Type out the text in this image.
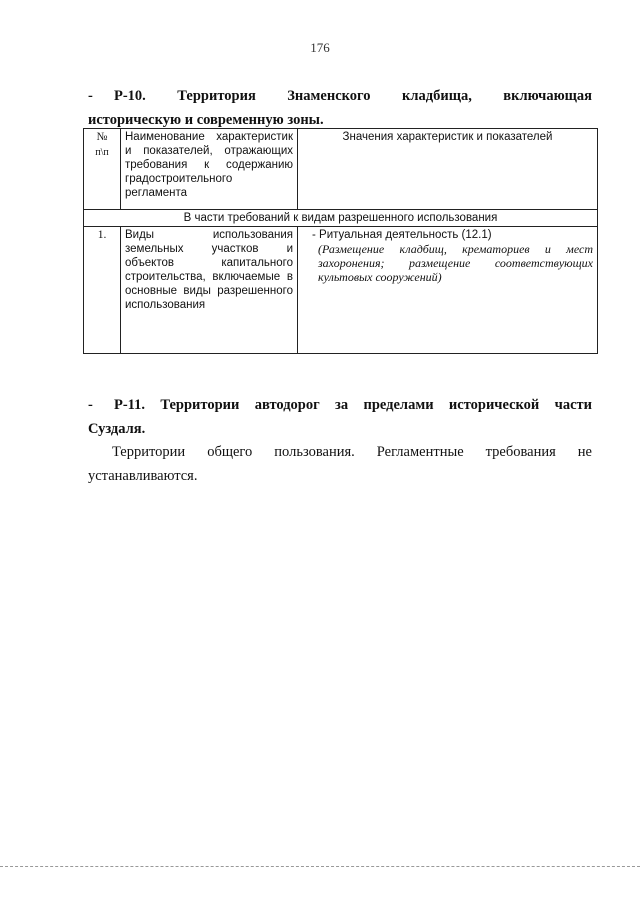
176
- Р-10. Территория Знаменского кладбища, включающая
историческую и современную зоны.
№
п\п	Наименование характеристик и показателей, отражающих требования к содержанию градостроительного регламента	Значения характеристик и показателей
В части требований к видам разрешенного использования		
1.	Виды использования земельных участков и объектов капитального строительства, включаемые в основные виды разрешенного использования	- Ритуальная деятельность (12.1)
(Размещение кладбищ, крематориев и мест захоронения; размещение соответствующих культовых сооружений)
- Р-11. Территории автодорог за пределами исторической части
Суздаля.
Территории общего пользования. Регламентные требования не устанавливаются.
